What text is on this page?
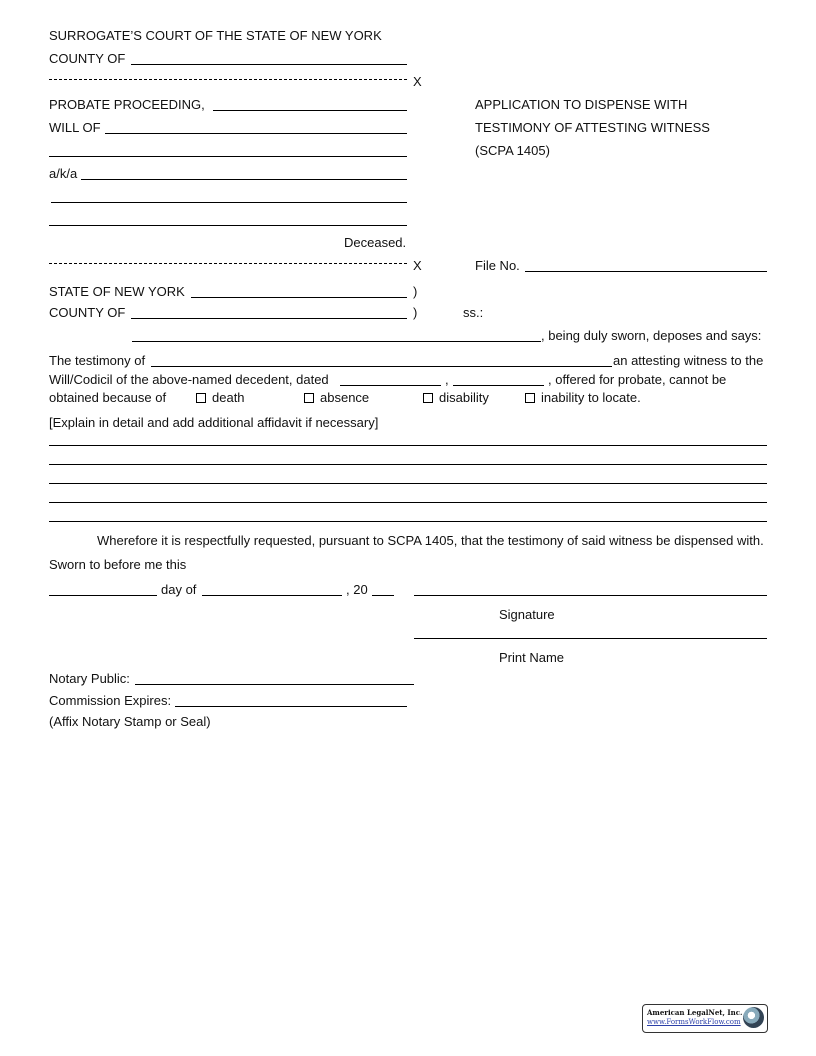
SURROGATE’S COURT OF THE STATE OF NEW YORK
COUNTY OF
X
PROBATE PROCEEDING,
WILL OF
a/k/a
Deceased.
X
APPLICATION TO DISPENSE WITH
TESTIMONY OF ATTESTING WITNESS
(SCPA 1405)
File No.
STATE OF NEW YORK	)
COUNTY OF	)	ss.:
, being duly sworn, deposes and says:
The testimony of	an attesting witness to the
Will/Codicil of the above-named decedent, dated	,	, offered for probate, cannot be
obtained because of	death	absence	disability	inability to locate.
[Explain in detail and add additional affidavit if necessary]
Wherefore it is respectfully requested, pursuant to SCPA 1405, that the testimony of said witness be dispensed with.
Sworn to before me this
day of	, 20
Signature
Print Name
Notary Public:
Commission Expires:
(Affix Notary Stamp or Seal)
American LegalNet, Inc.
www.FormsWorkFlow.com
